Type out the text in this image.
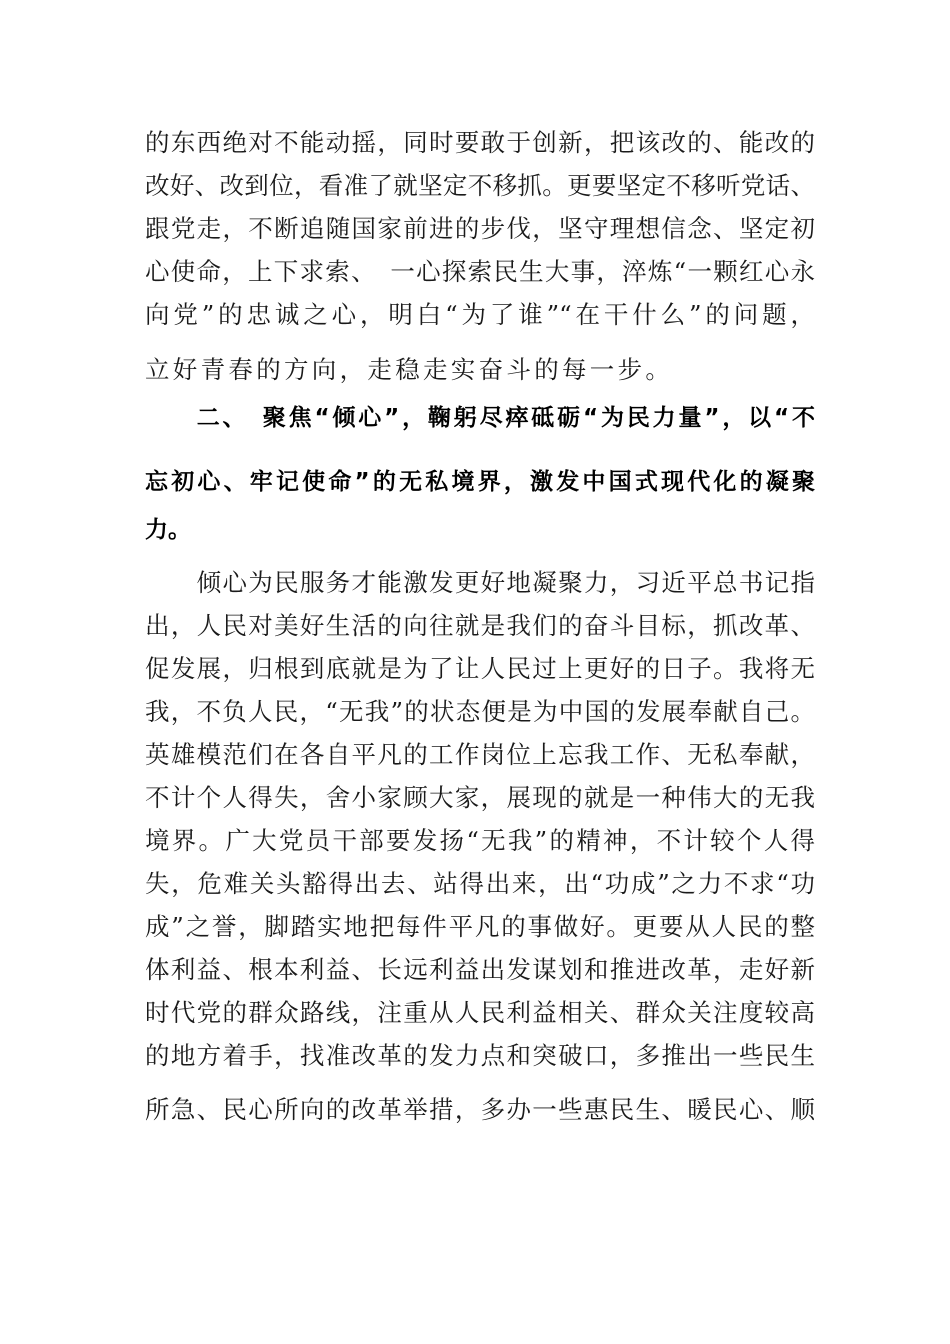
的东西绝对不能动摇，同时要敢于创新，把该改的、能改的
改好、改到位，看准了就坚定不移抓。更要坚定不移听党话、
跟党走，不断追随国家前进的步伐，坚守理想信念、坚定初
心使命，上下求索、　一心探索民生大事，淬炼“一颗红心永
向党”的忠诚之心，明白“为了谁”“在干什么”的问题，
立好青春的方向，走稳走实奋斗的每一步。
　　二、　聚焦“倾心”，鞠躬尽瘁砥砺“为民力量”，以“不
忘初心、牢记使命”的无私境界，激发中国式现代化的凝聚
力。
　　倾心为民服务才能激发更好地凝聚力，习近平总书记指
出，人民对美好生活的向往就是我们的奋斗目标，抓改革、
促发展，归根到底就是为了让人民过上更好的日子。我将无
我，不负人民，“无我”的状态便是为中国的发展奉献自己。
英雄模范们在各自平凡的工作岗位上忘我工作、无私奉献，
不计个人得失，舍小家顾大家，展现的就是一种伟大的无我
境界。广大党员干部要发扬“无我”的精神，不计较个人得
失，危难关头豁得出去、站得出来，出“功成”之力不求“功
成”之誉，脚踏实地把每件平凡的事做好。更要从人民的整
体利益、根本利益、长远利益出发谋划和推进改革，走好新
时代党的群众路线，注重从人民利益相关、群众关注度较高
的地方着手，找准改革的发力点和突破口，多推出一些民生
所急、民心所向的改革举措，多办一些惠民生、暖民心、顺
